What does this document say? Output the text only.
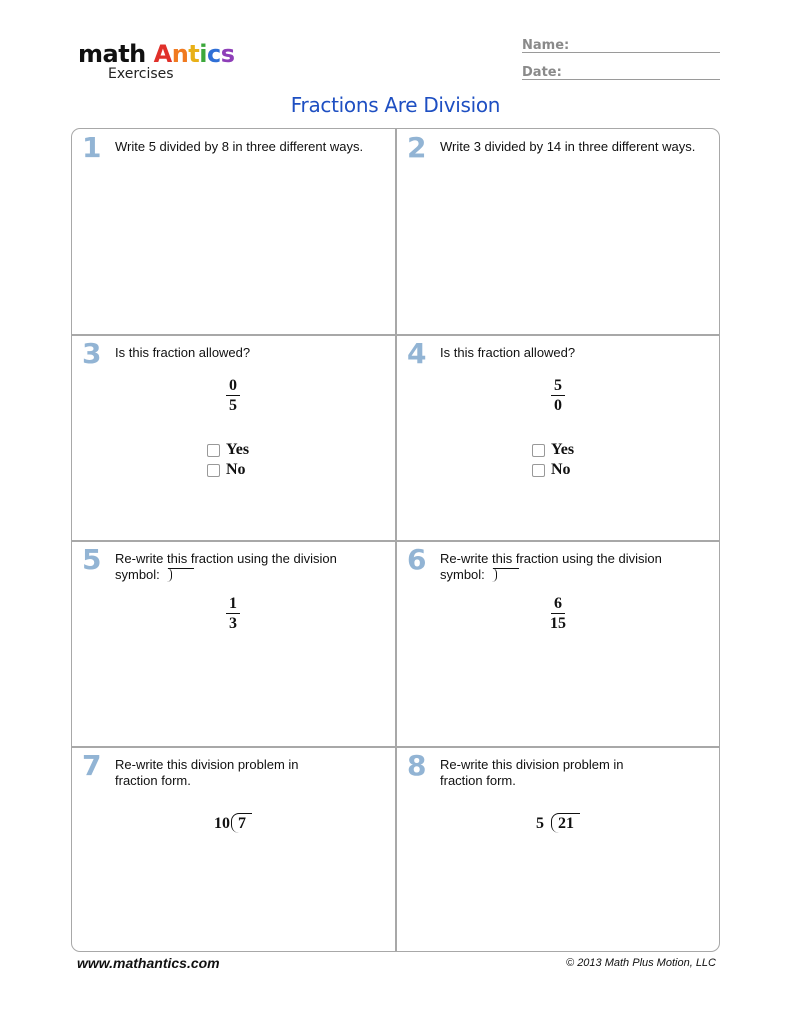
math Antics
Exercises
Name:
Date:
Fractions Are Division
1 Write 5 divided by 8 in three different ways.	2 Write 3 divided by 14 in three different ways.
3 Is this fraction allowed?
$\frac{0}{5}$
Yes
No
4 Is this fraction allowed?
$\frac{5}{0}$
Yes
No
5 Re-write this fraction using the division
symbol:
$\frac{1}{3}$
6 Re-write this fraction using the division
symbol:
$\frac{6}{15}$
7 Re-write this division problem in fraction form.
10 7
8 Re-write this division problem in fraction form.
5 21
www.mathantics.com	© 2013 Math Plus Motion, LLC
